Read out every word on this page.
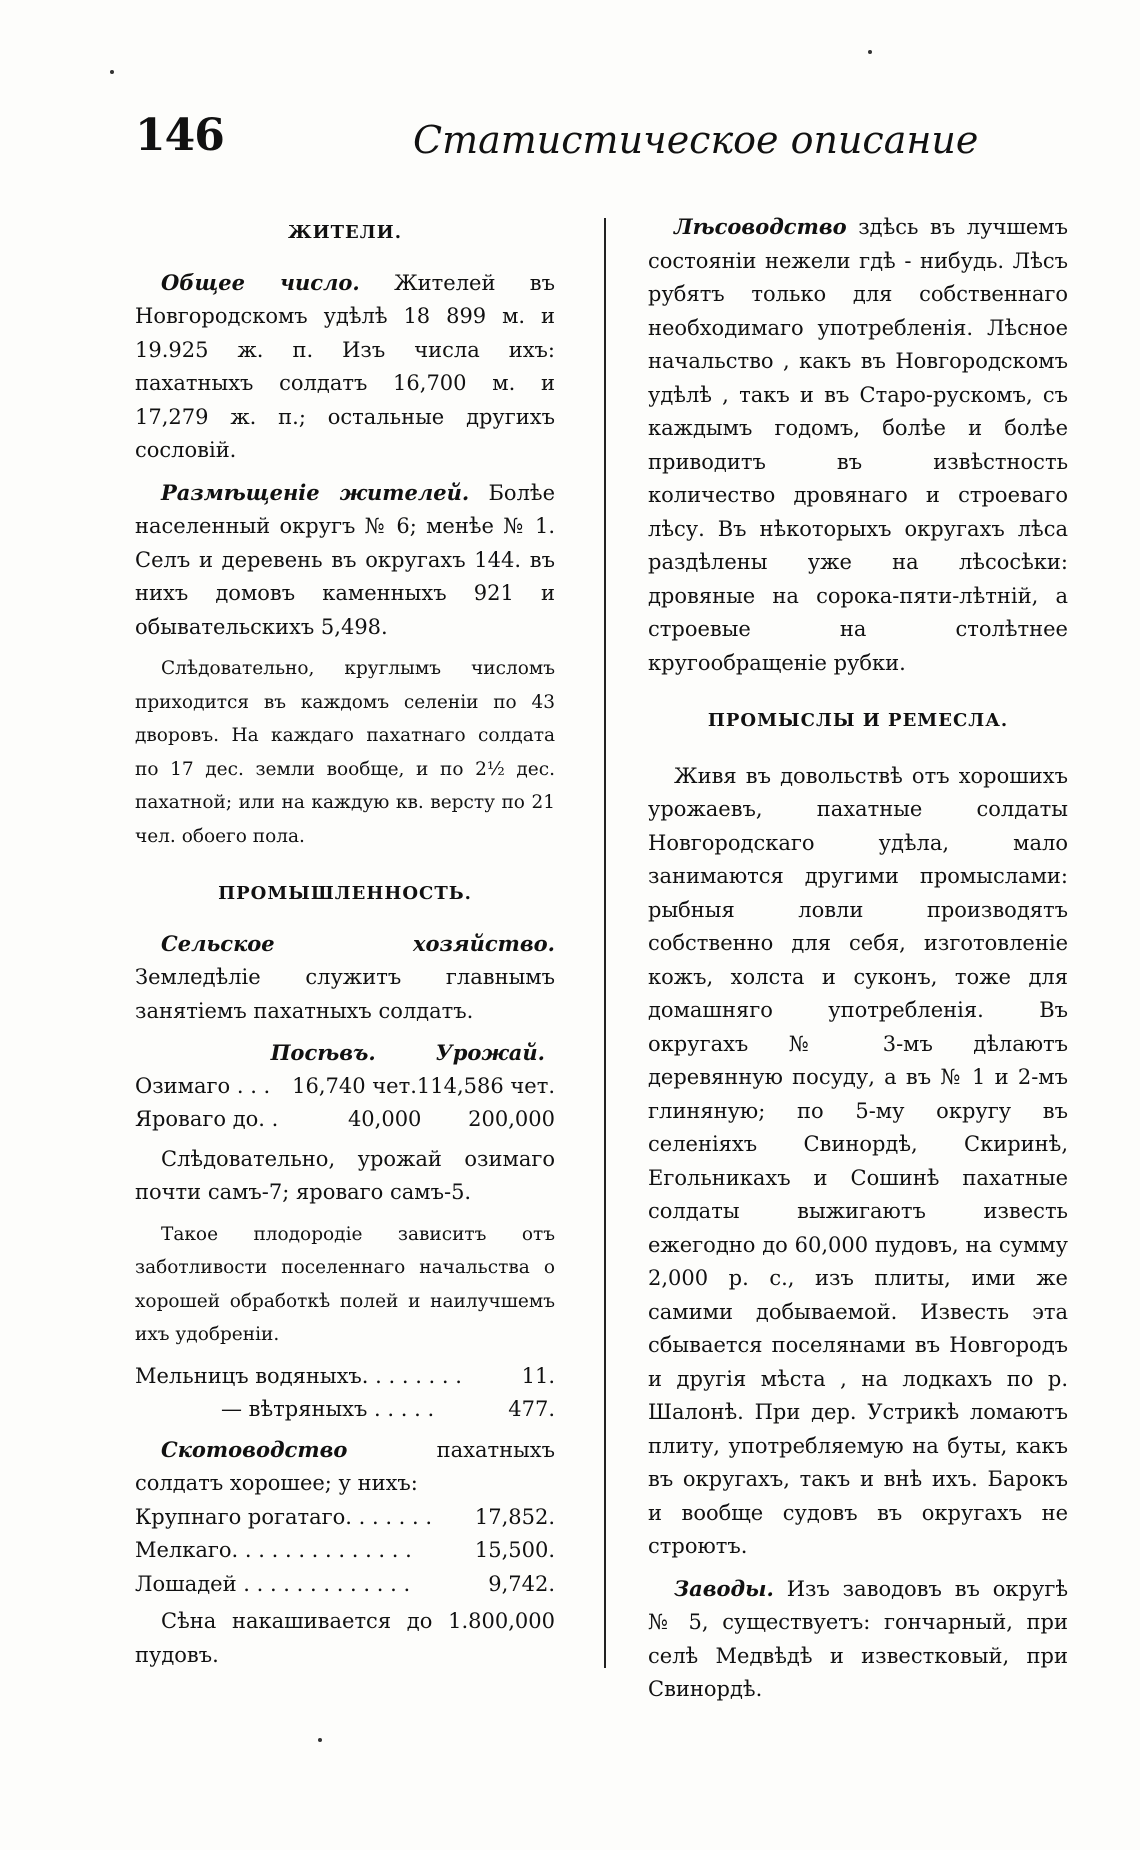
146	Статистическое описание
ЖИТЕЛИ.

Общее число. Жителей въ Новгородскомъ удѣлѣ 18 899 м. и 19.925 ж. п. Изъ числа ихъ: пахатныхъ солдатъ 16,700 м. и 17,279 ж. п.; остальные другихъ сословій.

Размѣщеніе жителей. Болѣе населенный округъ № 6; менѣе № 1. Селъ и деревень въ округахъ 144. въ нихъ домовъ каменныхъ 921 и обывательскихъ 5,498.

Слѣдовательно, круглымъ числомъ приходится въ каждомъ селеніи по 43 дворовъ. На каждаго пахатнаго солдата по 17 дес. земли вообще, и по 2½ дес. пахатной; или на каждую кв. версту по 21 чел. обоего пола.

ПРОМЫШЛЕННОСТЬ.

Сельское хозяйство. Земледѣліе служитъ главнымъ занятіемъ пахатныхъ солдатъ.

Посѣвъ.	Урожай.
Озимаго . . .	16,740 чет. 114,586 чет.
Яроваго до. .	40,000	200,000

Слѣдовательно, урожай озимаго почти самъ-7; яроваго самъ-5.

Такое плодородіе зависитъ отъ заботливости поселеннаго начальства о хорошей обработкѣ полей и наилучшемъ ихъ удобреніи.

Мельницъ водяныхъ. . . . . . . .	11.
— вѣтряныхъ . . . . .	477.

Скотоводство пахатныхъ солдатъ хорошее; у нихъ:

Крупнаго рогатаго. . . . . . . 17,852.
Мелкаго. . . . . . . . . . . . . .	15,500.
Лошадей . . . . . . . . . . . . .	9,742.

Сѣна накашивается до 1.800,000 пудовъ.

Лѣсоводство здѣсь въ лучшемъ состояніи нежели гдѣ - нибудь. Лѣсъ рубятъ только для собственнаго необходимаго употребленія. Лѣсное начальство , какъ въ Новгородскомъ удѣлѣ , такъ и въ Старо-рускомъ, съ каждымъ годомъ, болѣе и болѣе приводитъ въ извѣстность количество дровянаго и строеваго лѣсу. Въ нѣкоторыхъ округахъ лѣса раздѣлены уже на лѣсосѣки: дровяные на сорока-пяти-лѣтній, а строевые на столѣтнее кругообращеніе рубки.

ПРОМЫСЛЫ И РЕМЕСЛА.

Живя въ довольствѣ отъ хорошихъ урожаевъ, пахатные солдаты Новгородскаго удѣла, мало занимаются другими промыслами: рыбныя ловли производятъ собственно для себя, изготовленіе кожъ, холста и суконъ, тоже для домашняго употребленія. Въ округахъ № 3-мъ дѣлаютъ деревянную посуду, а въ № 1 и 2-мъ глиняную; по 5-му округу въ селеніяхъ Свинордѣ, Скиринѣ, Егольникахъ и Сошинѣ пахатные солдаты выжигаютъ известь ежегодно до 60,000 пудовъ, на сумму 2,000 р. с., изъ плиты, ими же самими добываемой. Известь эта сбывается поселянами въ Новгородъ и другія мѣста , на лодкахъ по р. Шалонѣ. При дер. Устрикѣ ломаютъ плиту, употребляемую на буты, какъ въ округахъ, такъ и внѣ ихъ. Барокъ и вообще судовъ въ округахъ не строютъ.

Заводы. Изъ заводовъ въ округѣ № 5, существуетъ: гончарный, при селѣ Медвѣдѣ и известковый, при Свинордѣ.
